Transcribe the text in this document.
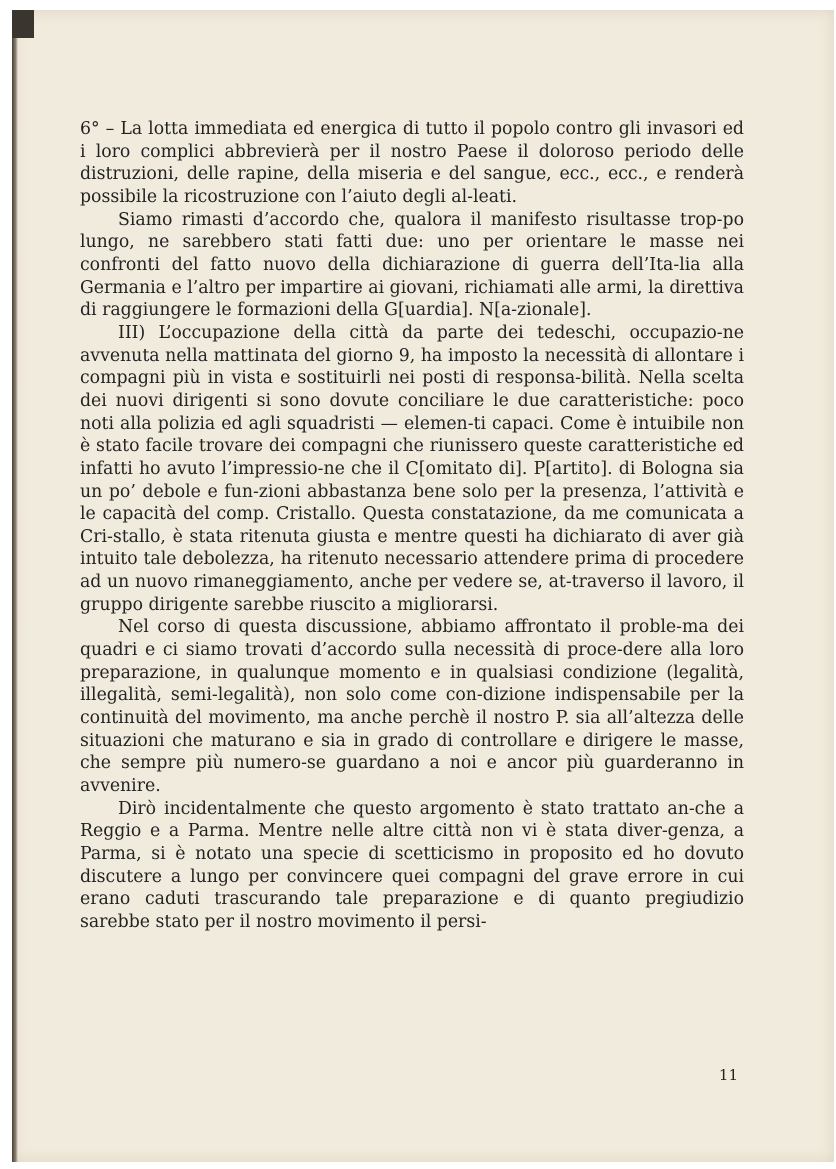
6° – La lotta immediata ed energica di tutto il popolo contro gli invasori ed i loro complici abbrevierà per il nostro Paese il doloroso periodo delle distruzioni, delle rapine, della miseria e del sangue, ecc., ecc., e renderà possibile la ricostruzione con l’aiuto degli al-leati.

Siamo rimasti d’accordo che, qualora il manifesto risultasse trop-po lungo, ne sarebbero stati fatti due: uno per orientare le masse nei confronti del fatto nuovo della dichiarazione di guerra dell’Ita-lia alla Germania e l’altro per impartire ai giovani, richiamati alle armi, la direttiva di raggiungere le formazioni della G[uardia]. N[a-zionale].

III) L’occupazione della città da parte dei tedeschi, occupazio-ne avvenuta nella mattinata del giorno 9, ha imposto la necessità di allontare i compagni più in vista e sostituirli nei posti di responsa-bilità. Nella scelta dei nuovi dirigenti si sono dovute conciliare le due caratteristiche: poco noti alla polizia ed agli squadristi — elemen-ti capaci. Come è intuibile non è stato facile trovare dei compagni che riunissero queste caratteristiche ed infatti ho avuto l’impressio-ne che il C[omitato di]. P[artito]. di Bologna sia un po’ debole e fun-zioni abbastanza bene solo per la presenza, l’attività e le capacità del comp. Cristallo. Questa constatazione, da me comunicata a Cri-stallo, è stata ritenuta giusta e mentre questi ha dichiarato di aver già intuito tale debolezza, ha ritenuto necessario attendere prima di procedere ad un nuovo rimaneggiamento, anche per vedere se, at-traverso il lavoro, il gruppo dirigente sarebbe riuscito a migliorarsi.

Nel corso di questa discussione, abbiamo affrontato il proble-ma dei quadri e ci siamo trovati d’accordo sulla necessità di proce-dere alla loro preparazione, in qualunque momento e in qualsiasi condizione (legalità, illegalità, semi-legalità), non solo come con-dizione indispensabile per la continuità del movimento, ma anche perchè il nostro P. sia all’altezza delle situazioni che maturano e sia in grado di controllare e dirigere le masse, che sempre più numero-se guardano a noi e ancor più guarderanno in avvenire.

Dirò incidentalmente che questo argomento è stato trattato an-che a Reggio e a Parma. Mentre nelle altre città non vi è stata diver-genza, a Parma, si è notato una specie di scetticismo in proposito ed ho dovuto discutere a lungo per convincere quei compagni del grave errore in cui erano caduti trascurando tale preparazione e di quanto pregiudizio sarebbe stato per il nostro movimento il persi-

11
